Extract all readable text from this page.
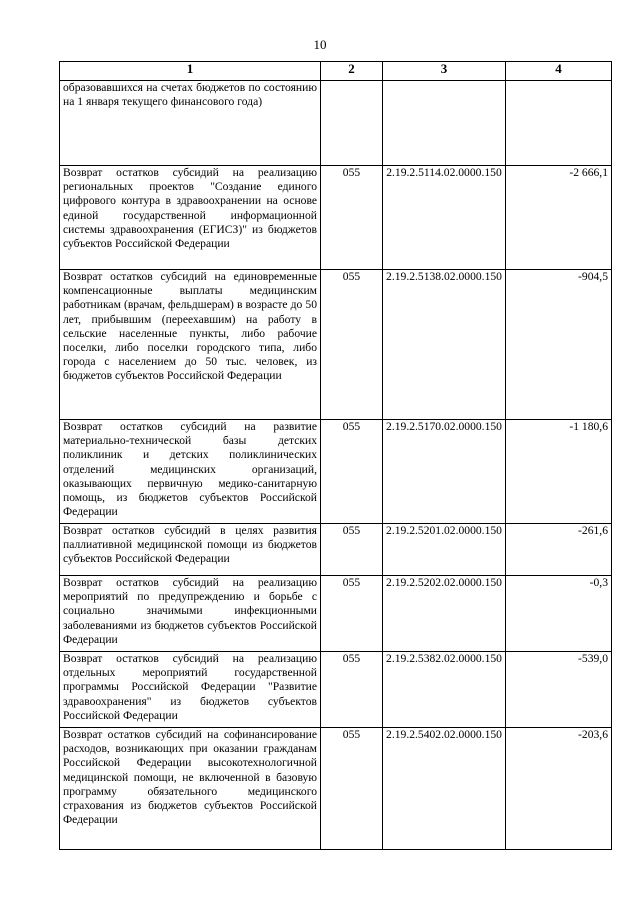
10
1	2	3	4
образовавшихся на счетах бюджетов по состоянию на 1 января текущего финансового года)			
Возврат остатков субсидий на реализацию региональных проектов "Создание единого цифрового контура в здравоохранении на основе единой государственной информационной системы здравоохранения (ЕГИСЗ)" из бюджетов субъектов Российской Федерации	055	2.19.2.5114.02.0000.150	-2 666,1
Возврат остатков субсидий на единовременные компенсационные выплаты медицинским работникам (врачам, фельдшерам) в возрасте до 50 лет, прибывшим (переехавшим) на работу в сельские населенные пункты, либо рабочие поселки, либо поселки городского типа, либо города с населением до 50 тыс. человек, из бюджетов субъектов Российской Федерации	055	2.19.2.5138.02.0000.150	-904,5
Возврат остатков субсидий на развитие материально-технической базы детских поликлиник и детских поликлинических отделений медицинских организаций, оказывающих первичную медико-санитарную помощь, из бюджетов субъектов Российской Федерации	055	2.19.2.5170.02.0000.150	-1 180,6
Возврат остатков субсидий в целях развития паллиативной медицинской помощи из бюджетов субъектов Российской Федерации	055	2.19.2.5201.02.0000.150	-261,6
Возврат остатков субсидий на реализацию мероприятий по предупреждению и борьбе с социально значимыми инфекционными заболеваниями из бюджетов субъектов Российской Федерации	055	2.19.2.5202.02.0000.150	-0,3
Возврат остатков субсидий на реализацию отдельных мероприятий государственной программы Российской Федерации "Развитие здравоохранения" из бюджетов субъектов Российской Федерации	055	2.19.2.5382.02.0000.150	-539,0
Возврат остатков субсидий на софинансирование расходов, возникающих при оказании гражданам Российской Федерации высокотехнологичной медицинской помощи, не включенной в базовую программу обязательного медицинского страхования из бюджетов субъектов Российской Федерации	055	2.19.2.5402.02.0000.150	-203,6
